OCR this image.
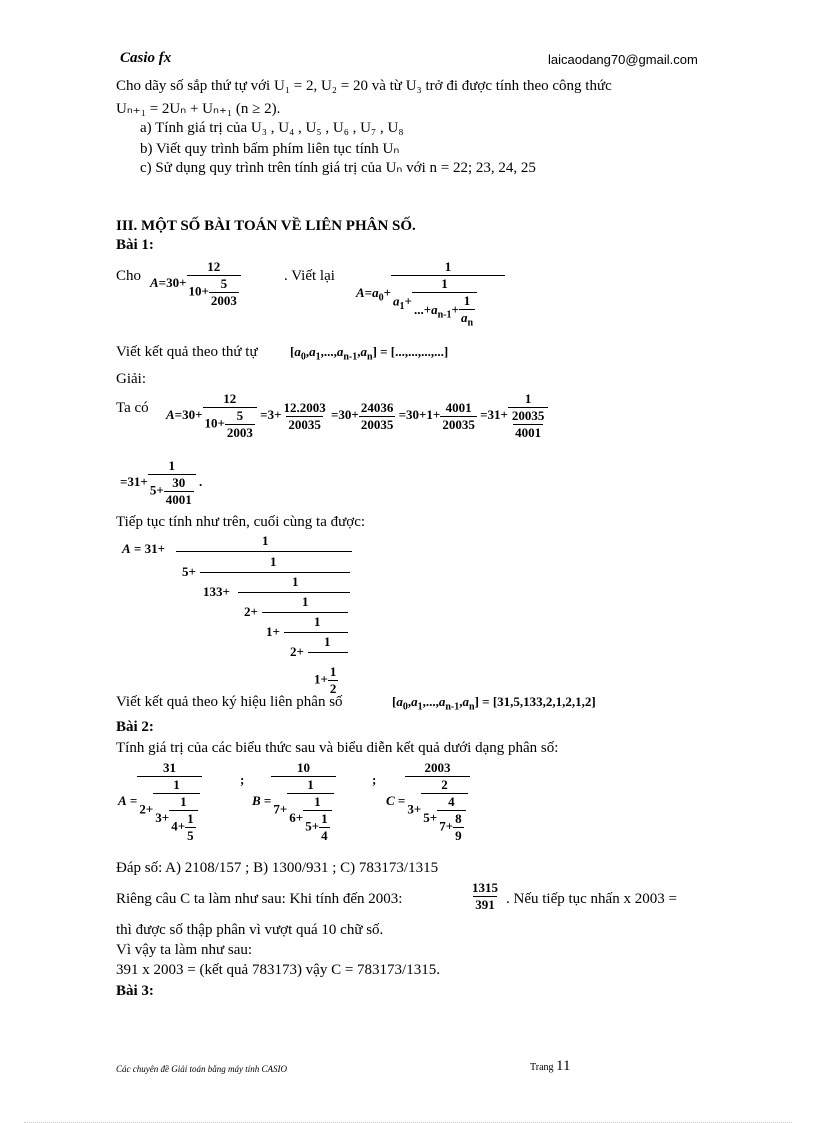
Casio fx	laicaodang70@gmail.com
Cho dãy số sắp thứ tự với U₁ = 2, U₂ = 20 và từ U₃ trở đi được tính theo công thức
Uₙ₊₁ = 2Uₙ + Uₙ₊₁ (n ≥ 2).
a) Tính giá trị của U₃ , U₄ , U₅ , U₆ , U₇ , U₈
b) Viết quy trình bấm phím liên tục tính Uₙ
c) Sử dụng quy trình trên tính giá trị của Uₙ với n = 22; 23, 24, 25
III. MỘT SỐ BÀI TOÁN VỀ LIÊN PHÂN SỐ.
Bài 1:
Cho $A=30+ \frac{12}{10+ \frac{5}{2003}}$	. Viết lại
$A=a_0+ \frac{1}{a_1+ \frac{1}{...+a_{n-1}+ \frac{1}{a_n}}}$
Viết kết quả theo thứ tự $[a_0,a_1,...,a_{n-1},a_n]$ = [...,...,...,...]
Giải:
Ta có $A=30+ \frac{12}{10+ \frac{5}{2003}} =3+ \frac{12.2003}{20035} =30+ \frac{24036}{20035} =30+1+ \frac{4001}{20035} =31+ \frac{1}{\frac{20035}{4001}}$
$=31+ \frac{1}{5+ \frac{30}{4001}}$ .
Tiếp tục tính như trên, cuối cùng ta được:
A = 31+
1
5+
1
133+
1
2+
1
1+
1
2+
1
$1+ \frac{1}{2}$
Viết kết quả theo ký hiệu liên phân số	$[a_0,a_1,...,a_{n-1},a_n] = [31,5,133,2,1,2,1,2]$
Bài 2:
Tính giá trị của các biểu thức sau và biểu diễn kết quả dưới dạng phân số:
$A = \frac{31}{2+ \frac{1}{3+ \frac{1}{4+ \frac{1}{5}}}}$	;
$B = \frac{10}{7+ \frac{1}{6+ \frac{1}{5+ \frac{1}{4}}}}$	;
$C = \frac{2003}{3+ \frac{2}{5+ \frac{4}{7+ \frac{8}{9}}}}$
Đáp số: A) 2108/157 ; B) 1300/931 ; C) 783173/1315
Riêng câu C ta làm như sau: Khi tính đến 2003:	$\frac{1315}{391}$ . Nếu tiếp tục nhấn x 2003 =
thì được số thập phân vì vượt quá 10 chữ số.
Vì vậy ta làm như sau:
391 x 2003 = (kết quả 783173) vậy C = 783173/1315.
Bài 3:
Các chuyên đề Giải toán bằng máy tính CASIO	Trang 11
